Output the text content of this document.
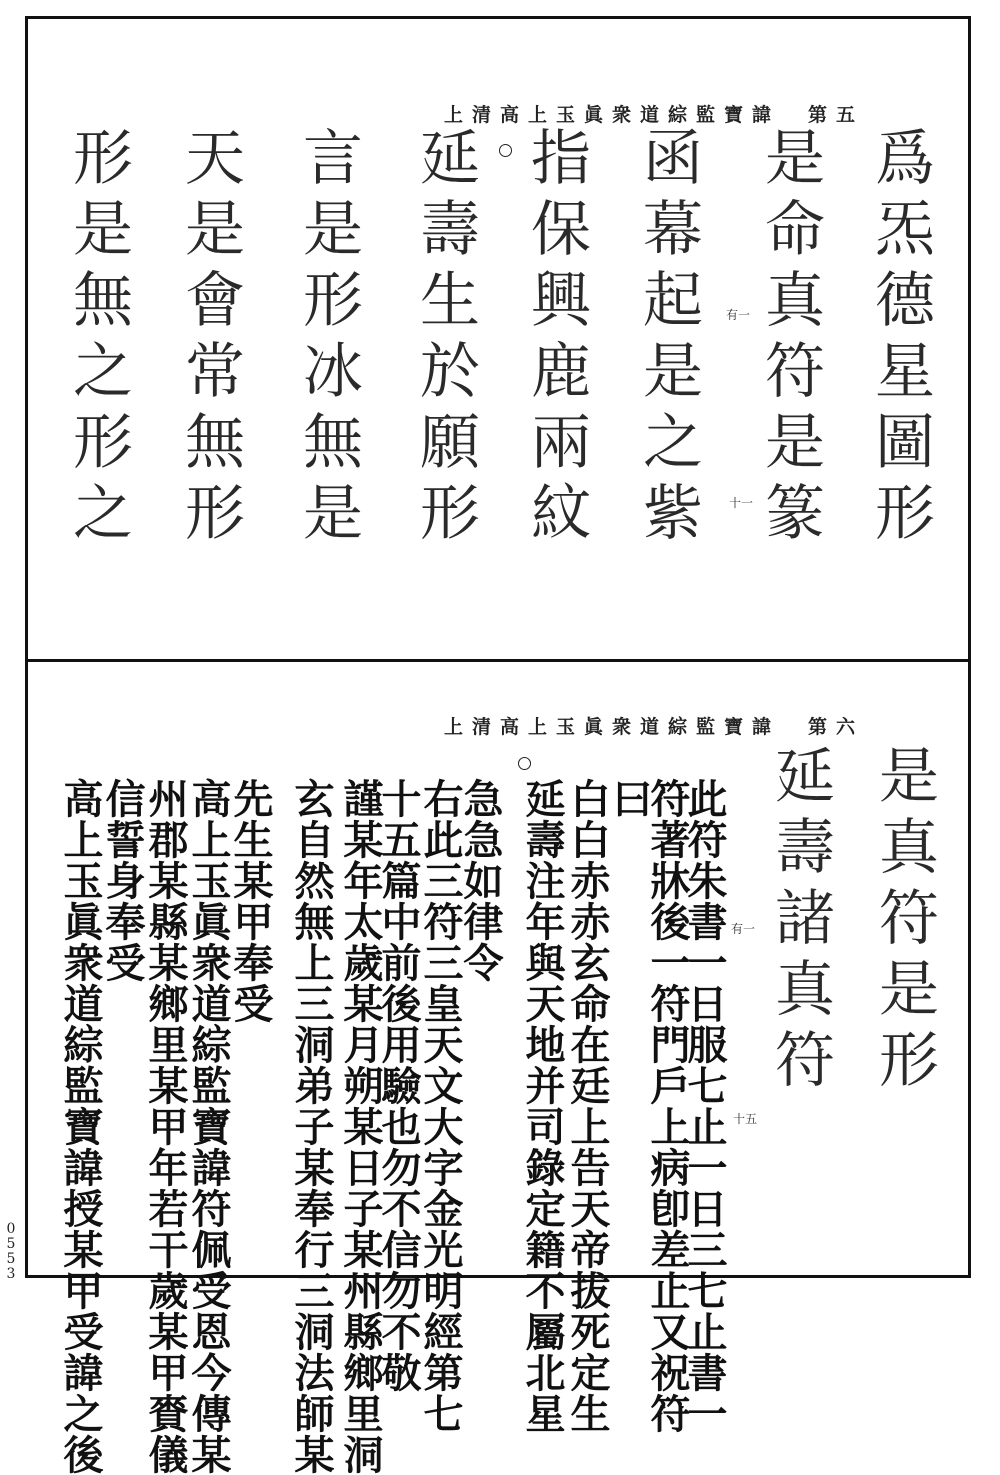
0
5
5
3
上清高上玉眞衆道綜監寶諱　第五
爲炁德星圖形
是命真符是篆
函幕起是之紫
指保興鹿兩紋
延壽生於願形
言是形冰無是
天是會常無形
形是無之形之	有一
十一
上清高上玉眞衆道綜監寶諱　第六
是真符是形
延壽諸真符
此符朱書一日服七止一日三七止書一
符著牀後一符門戶上病卽差止又祝符
曰
白白赤赤玄命在廷上告天帝拔死定生
延壽注年與天地并司錄定籍不屬北星
急急如律令
右此三符三皇天文大字金光明經第七
十五篇中前後用驗也勿不信勿不敬
謹某年太歲某月朔某日子某州縣鄉里洞
玄自然無上三洞弟子某奉行三洞法師某
先生某甲奉受
高上玉眞衆道綜監寶諱符佩受恩今傳某
州郡某縣某鄉里某甲年若干歲某甲賚儀
信誓身奉受
高上玉眞衆道綜監寶諱授某甲受諱之後	有一
十五
